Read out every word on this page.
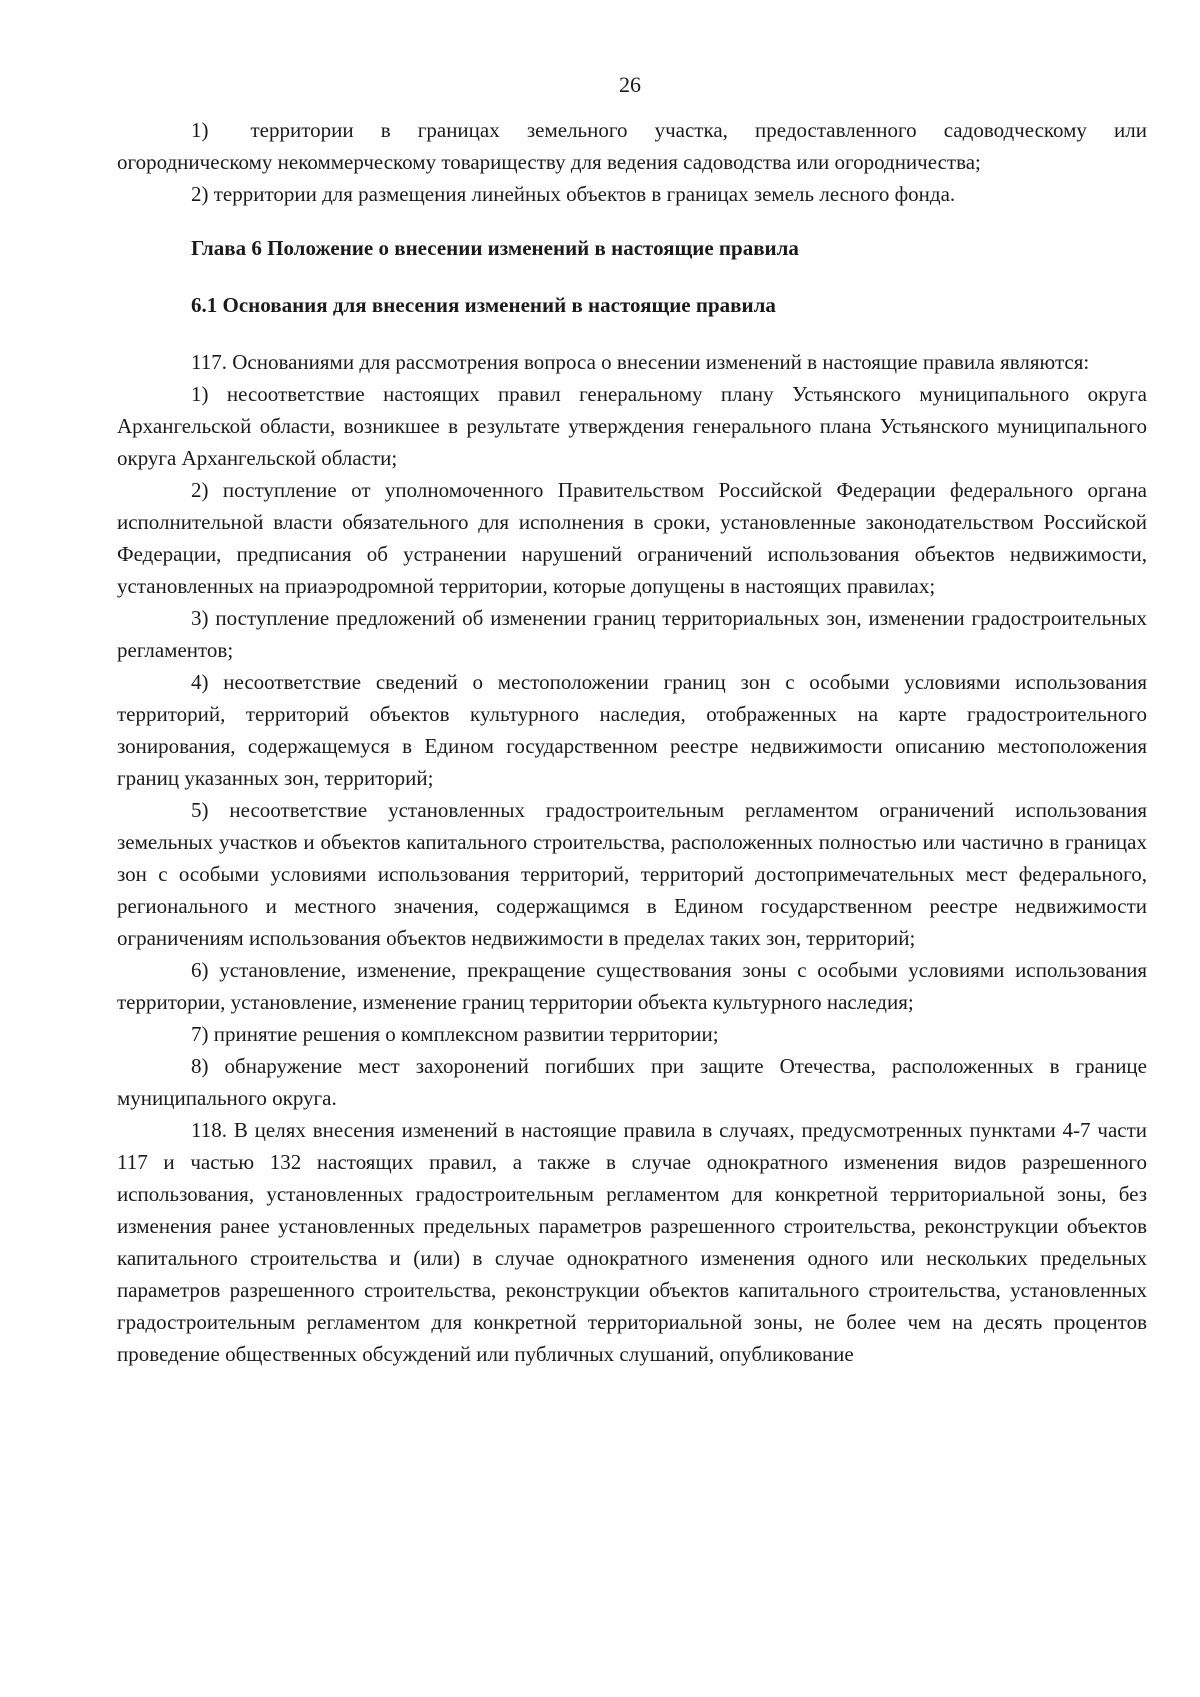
26

1)  территории в границах земельного участка, предоставленного садоводческому или огородническому некоммерческому товариществу для ведения садоводства или огородничества;

2) территории для размещения линейных объектов в границах земель лесного фонда.

Глава 6 Положение о внесении изменений в настоящие правила
6.1 Основания для внесения изменений в настоящие правила

117. Основаниями для рассмотрения вопроса о внесении изменений в настоящие правила являются:

1) несоответствие настоящих правил генеральному плану Устьянского муниципального округа Архангельской области, возникшее в результате утверждения генерального плана Устьянского муниципального округа Архангельской области;

2) поступление от уполномоченного Правительством Российской Федерации федерального органа исполнительной власти обязательного для исполнения в сроки, установленные законодательством Российской Федерации, предписания об устранении нарушений ограничений использования объектов недвижимости, установленных на приаэродромной территории, которые допущены в настоящих правилах;

3) поступление предложений об изменении границ территориальных зон, изменении градостроительных регламентов;

4) несоответствие сведений о местоположении границ зон с особыми условиями использования территорий, территорий объектов культурного наследия, отображенных на карте градостроительного зонирования, содержащемуся в Едином государственном реестре недвижимости описанию местоположения границ указанных зон, территорий;

5) несоответствие установленных градостроительным регламентом ограничений использования земельных участков и объектов капитального строительства, расположенных полностью или частично в границах зон с особыми условиями использования территорий, территорий достопримечательных мест федерального, регионального и местного значения, содержащимся в Едином государственном реестре недвижимости ограничениям использования объектов недвижимости в пределах таких зон, территорий;

6) установление, изменение, прекращение существования зоны с особыми условиями использования территории, установление, изменение границ территории объекта культурного наследия;

7) принятие решения о комплексном развитии территории;

8) обнаружение мест захоронений погибших при защите Отечества, расположенных в границе муниципального округа.

118. В целях внесения изменений в настоящие правила в случаях, предусмотренных пунктами 4-7 части 117 и частью 132 настоящих правил, а также в случае однократного изменения видов разрешенного использования, установленных градостроительным регламентом для конкретной территориальной зоны, без изменения ранее установленных предельных параметров разрешенного строительства, реконструкции объектов капитального строительства и (или) в случае однократного изменения одного или нескольких предельных параметров разрешенного строительства, реконструкции объектов капитального строительства, установленных градостроительным регламентом для конкретной территориальной зоны, не более чем на десять процентов проведение общественных обсуждений или публичных слушаний, опубликование
